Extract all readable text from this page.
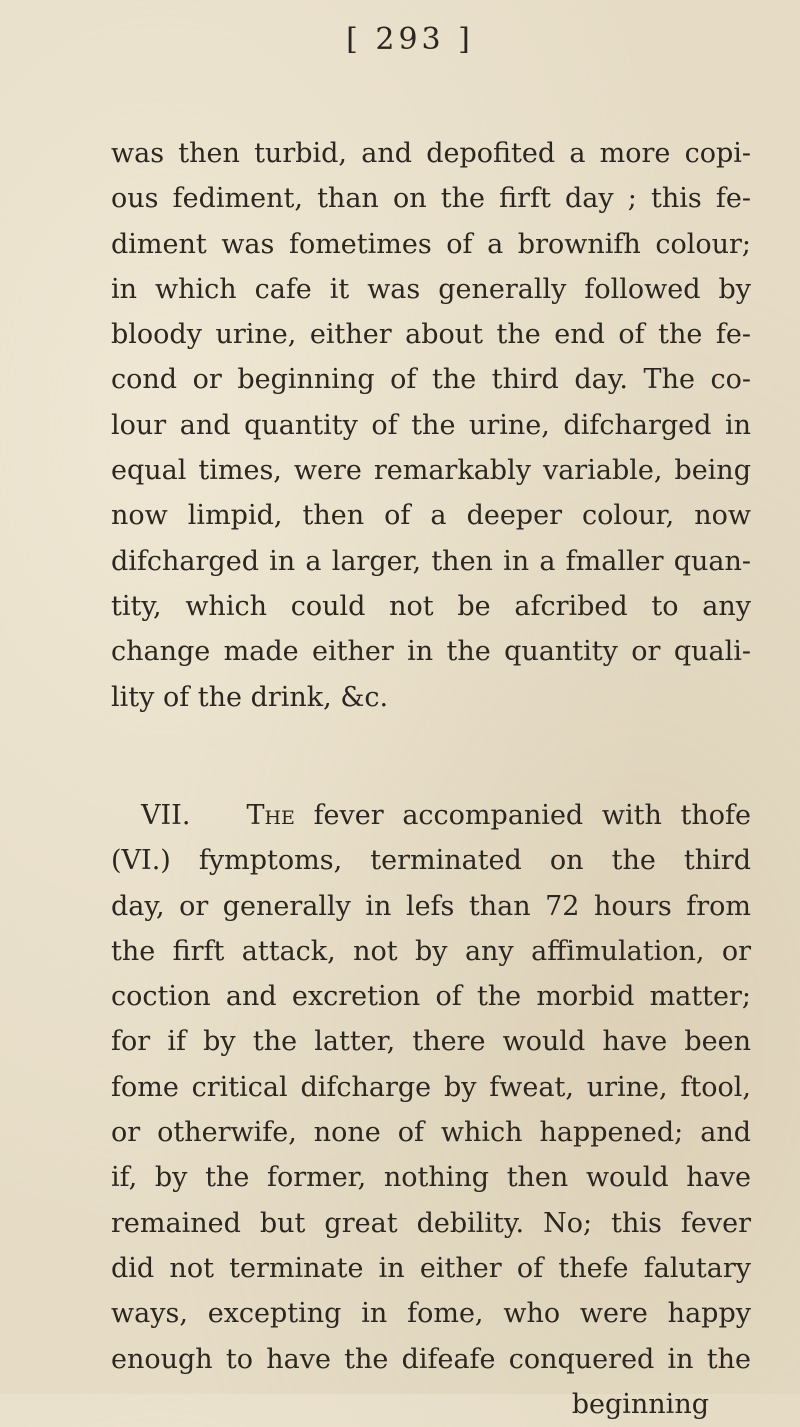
[ 293 ]
was then turbid, and depofited a more copi-
ous fediment, than on the firft day ; this fe-
diment was fometimes of a brownifh colour;
in which cafe it was generally followed by
bloody urine, either about the end of the fe-
cond or beginning of the third day. The co-
lour and quantity of the urine, difcharged in
equal times, were remarkably variable, being
now limpid, then of a deeper colour, now
difcharged in a larger, then in a fmaller quan-
tity, which could not be afcribed to any
change made either in the quantity or quali-
lity of the drink, &c.
VII. The fever accompanied with thofe
(VI.) fymptoms, terminated on the third
day, or generally in lefs than 72 hours from
the firft attack, not by any affimulation, or
coction and excretion of the morbid matter;
for if by the latter, there would have been
fome critical difcharge by fweat, urine, ftool,
or otherwife, none of which happened; and
if, by the former, nothing then would have
remained but great debility. No; this fever
did not terminate in either of thefe falutary
ways, excepting in fome, who were happy
enough to have the difeafe conquered in the
beginning
